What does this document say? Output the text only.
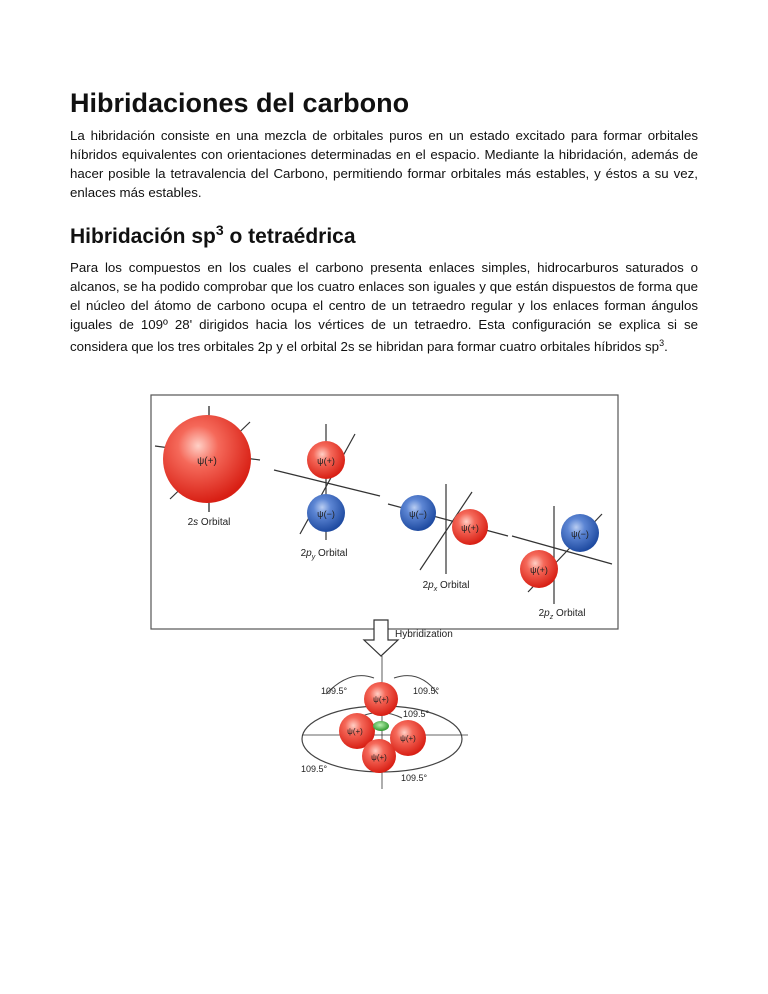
Hibridaciones del carbono

La hibridación consiste en una mezcla de orbitales puros en un estado excitado para formar orbitales híbridos equivalentes con orientaciones determinadas en el espacio. Mediante la hibridación, además de hacer posible la tetravalencia del Carbono, permitiendo formar orbitales más estables, y éstos a su vez, enlaces más estables.

Hibridación $sp^3$ o tetraédrica

Para los compuestos en los cuales el carbono presenta enlaces simples, hidrocarburos saturados o alcanos, se ha podido comprobar que los cuatro enlaces son iguales y que están dispuestos de forma que el núcleo del átomo de carbono ocupa el centro de un tetraedro regular y los enlaces forman ángulos iguales de 109º 28' dirigidos hacia los vértices de un tetraedro. Esta configuración se explica si se considera que los tres orbitales 2p y el orbital 2s se hibridan para formar cuatro orbitales híbridos $sp^3$.

ψ(+)
2s Orbital
ψ(+)
ψ(−)
$2p_y$ Orbital
ψ(−)
ψ(+)
$2p_x$ Orbital
ψ(−)
ψ(+)
$2p_z$ Orbital
Hybridization
ψ(+)
ψ(+)
ψ(+)
ψ(+)
109.5°	109.5°
109.5°
109.5°
109.5°
